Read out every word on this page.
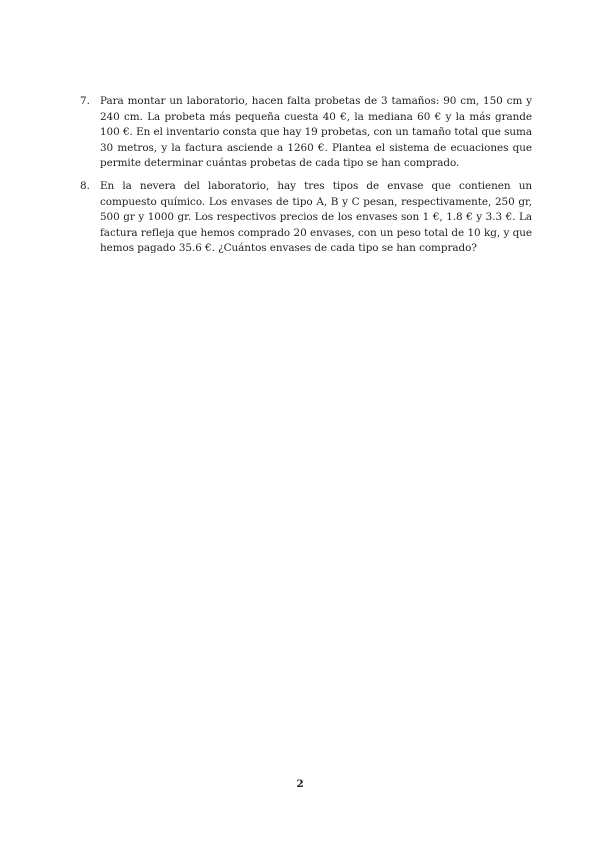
7. Para montar un laboratorio, hacen falta probetas de 3 tamaños: 90 cm, 150 cm y 240 cm. La probeta más pequeña cuesta 40 €, la mediana 60 € y la más grande 100 €. En el inventario consta que hay 19 probetas, con un tamaño total que suma 30 metros, y la factura asciende a 1260 €. Plantea el sistema de ecuaciones que permite determinar cuántas probetas de cada tipo se han comprado.
8. En la nevera del laboratorio, hay tres tipos de envase que contienen un compuesto químico. Los envases de tipo A, B y C pesan, respectivamente, 250 gr, 500 gr y 1000 gr. Los respectivos precios de los envases son 1 €, 1.8 € y 3.3 €. La factura refleja que hemos comprado 20 envases, con un peso total de 10 kg, y que hemos pagado 35.6 €. ¿Cuántos envases de cada tipo se han comprado?
2
